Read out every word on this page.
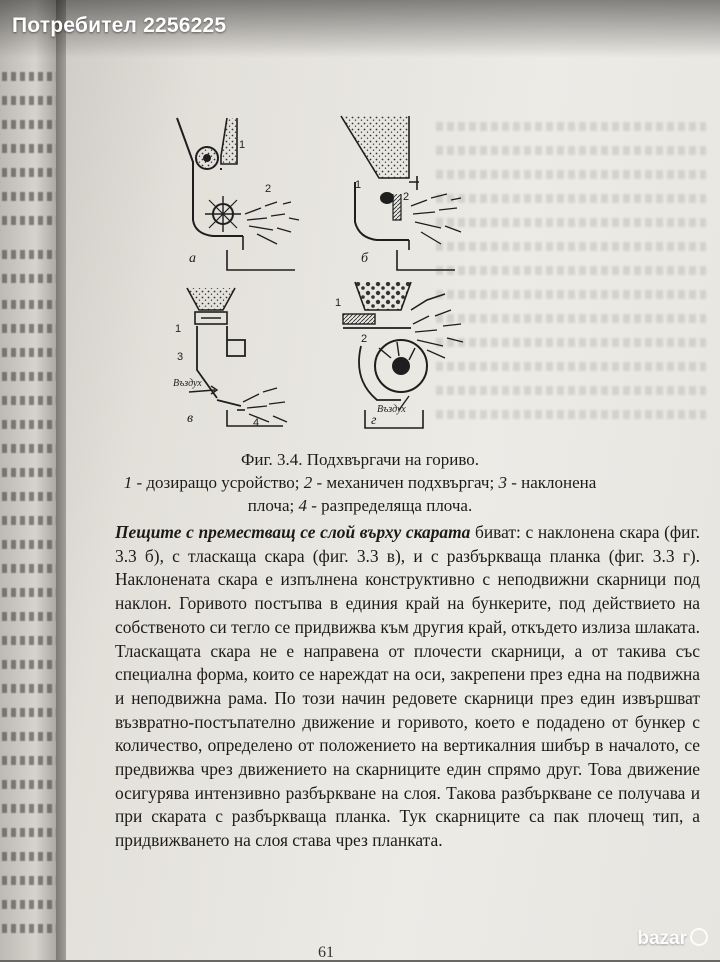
а
1
2
б
1
2
в
1
3
4
Въздух
г
1
2
Въздух
Фиг. 3.4. Подхвъргачи на гориво.
1 - дозиращо усройство; 2 - механичен подхвъргач; 3 - наклонена плоча; 4 - разпределяща плоча.
Пещите с преместващ се слой върху скарата биват: с наклонена скара (фиг. 3.3 б), с тласкаща скара (фиг. 3.3 в), и с разбъркваща планка (фиг. 3.3 г). Наклонената скара е изпълнена конструктивно с неподвижни скарници под наклон. Горивото постъпва в единия край на бункерите, под действието на собственото си тегло се придвижва към другия край, откъдето излиза шлаката. Тласкащата скара не е направена от плочести скарници, а от такива със специална форма, които се нареждат на оси, закрепени през една на подвижна и неподвижна рама. По този начин редовете скарници през един извършват възвратно-постъпателно движение и горивото, което е подадено от бункер с количество, определено от положението на вертикалния шибър в началото, се предвижва чрез движението на скарниците един спрямо друг. Това движение осигурява интензивно разбъркване на слоя. Такова разбъркване се получава и при скарата с разбъркваща планка. Тук скарниците са пак плочещ тип, а придвижването на слоя става чрез планката.
61
Потребител 2256225
bazar
